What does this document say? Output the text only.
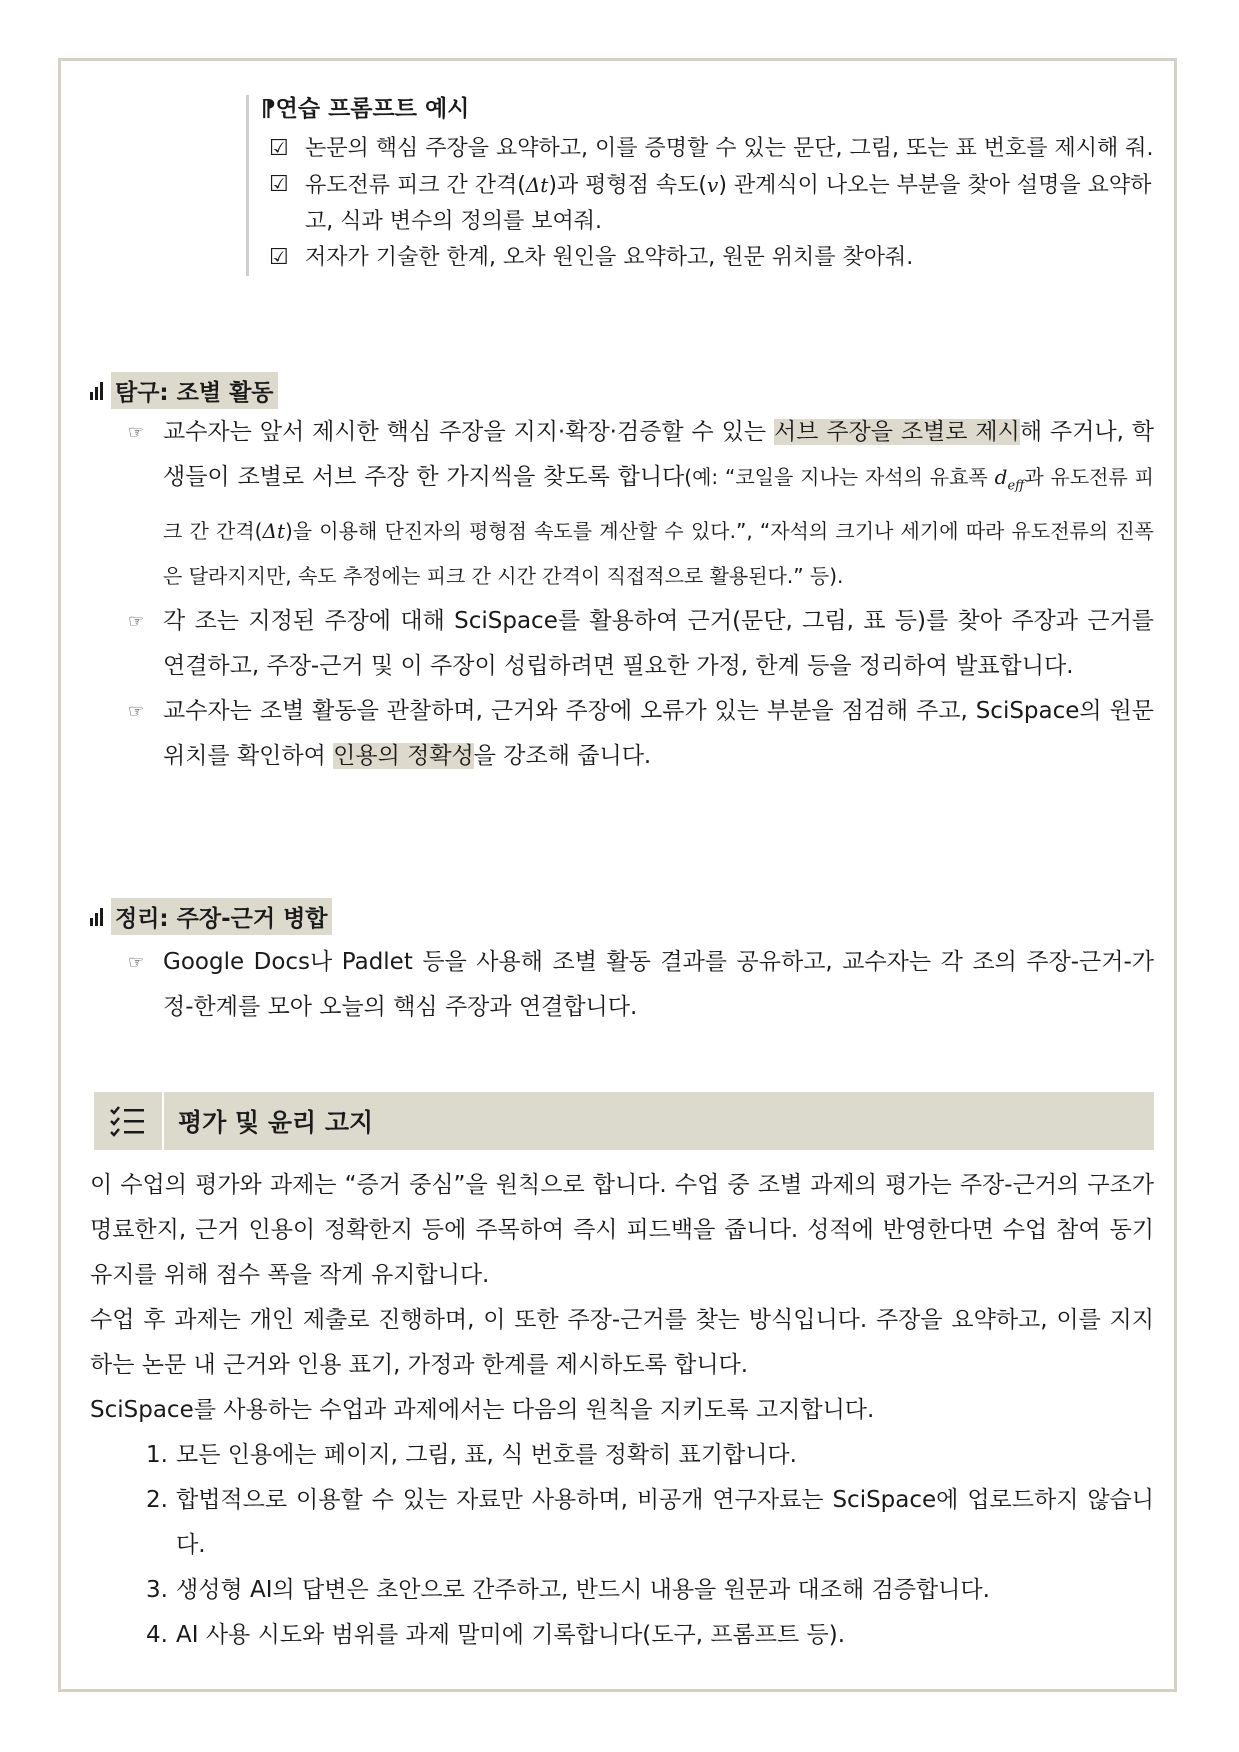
⁋연습 프롬프트 예시
☑ 논문의 핵심 주장을 요약하고, 이를 증명할 수 있는 문단, 그림, 또는 표 번호를 제시해 줘.
☑ 유도전류 피크 간 간격(Δt)과 평형점 속도(v) 관계식이 나오는 부분을 찾아 설명을 요약하고, 식과 변수의 정의를 보여줘.
☑ 저자가 기술한 한계, 오차 원인을 요약하고, 원문 위치를 찾아줘.
탐구: 조별 활동
☞ 교수자는 앞서 제시한 핵심 주장을 지지·확장·검증할 수 있는 서브 주장을 조별로 제시해 주거나, 학생들이 조별로 서브 주장 한 가지씩을 찾도록 합니다(예: “코일을 지나는 자석의 유효폭 $d_{eff}$과 유도전류 피크 간 간격(Δt)을 이용해 단진자의 평형점 속도를 계산할 수 있다.”, “자석의 크기나 세기에 따라 유도전류의 진폭은 달라지지만, 속도 추정에는 피크 간 시간 간격이 직접적으로 활용된다.” 등).
☞ 각 조는 지정된 주장에 대해 SciSpace를 활용하여 근거(문단, 그림, 표 등)를 찾아 주장과 근거를 연결하고, 주장-근거 및 이 주장이 성립하려면 필요한 가정, 한계 등을 정리하여 발표합니다.
☞ 교수자는 조별 활동을 관찰하며, 근거와 주장에 오류가 있는 부분을 점검해 주고, SciSpace의 원문 위치를 확인하여 인용의 정확성을 강조해 줍니다.
정리: 주장-근거 병합
☞ Google Docs나 Padlet 등을 사용해 조별 활동 결과를 공유하고, 교수자는 각 조의 주장-근거-가정-한계를 모아 오늘의 핵심 주장과 연결합니다.
평가 및 윤리 고지
이 수업의 평가와 과제는 “증거 중심”을 원칙으로 합니다. 수업 중 조별 과제의 평가는 주장-근거의 구조가 명료한지, 근거 인용이 정확한지 등에 주목하여 즉시 피드백을 줍니다. 성적에 반영한다면 수업 참여 동기 유지를 위해 점수 폭을 작게 유지합니다.
수업 후 과제는 개인 제출로 진행하며, 이 또한 주장-근거를 찾는 방식입니다. 주장을 요약하고, 이를 지지하는 논문 내 근거와 인용 표기, 가정과 한계를 제시하도록 합니다.
SciSpace를 사용하는 수업과 과제에서는 다음의 원칙을 지키도록 고지합니다.
1. 모든 인용에는 페이지, 그림, 표, 식 번호를 정확히 표기합니다.
2. 합법적으로 이용할 수 있는 자료만 사용하며, 비공개 연구자료는 SciSpace에 업로드하지 않습니다.
3. 생성형 AI의 답변은 초안으로 간주하고, 반드시 내용을 원문과 대조해 검증합니다.
4. AI 사용 시도와 범위를 과제 말미에 기록합니다(도구, 프롬프트 등).
